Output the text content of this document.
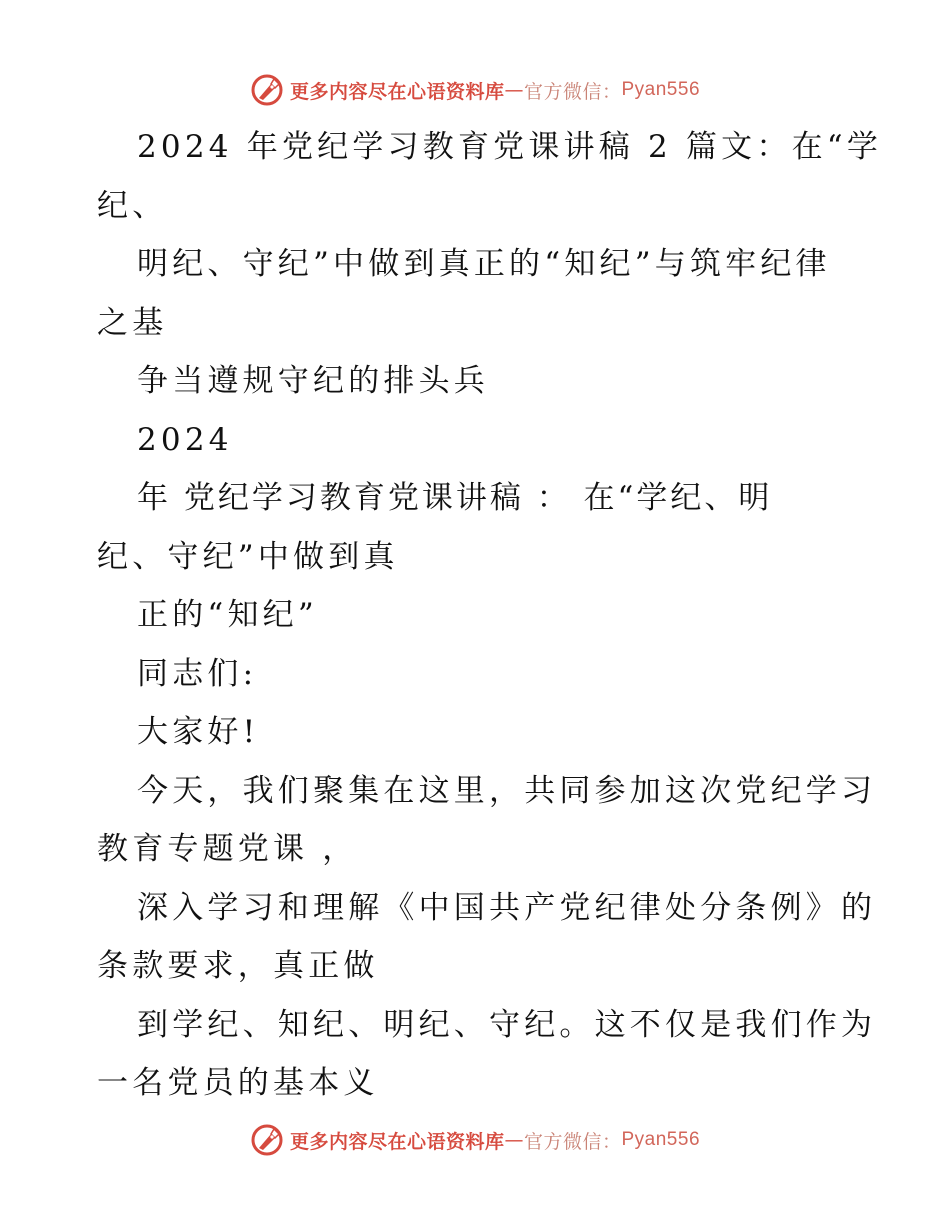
更多内容尽在心语资料库 — 官方微信： Pyan556
2024 年党纪学习教育党课讲稿 2 篇文：在“学
纪、
明纪、守纪”中做到真正的“知纪”与筑牢纪律
之基
争当遵规守纪的排头兵
2024
年 党纪学习教育党课讲稿 ： 在“学纪、明
纪、守纪”中做到真
正的“知纪”
同志们:
大家好!
今天，我们聚集在这里，共同参加这次党纪学习
教育专题党课 ，
深入学习和理解《中国共产党纪律处分条例》的
条款要求，真正做
到学纪、知纪、明纪、守纪。这不仅是我们作为
一名党员的基本义
更多内容尽在心语资料库 — 官方微信： Pyan556
